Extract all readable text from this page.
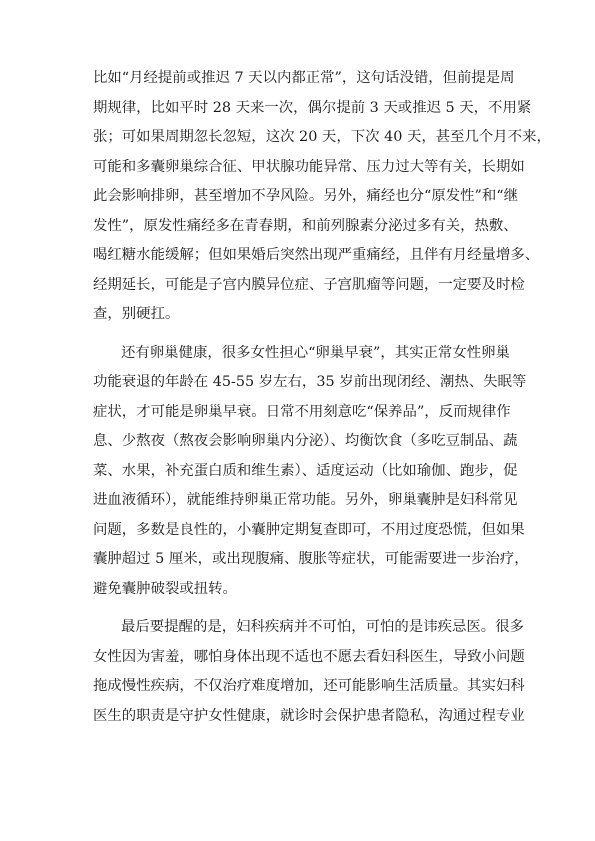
比如“月经提前或推迟 7 天以内都正常”，这句话没错，但前提是周
期规律，比如平时 28 天来一次，偶尔提前 3 天或推迟 5 天，不用紧
张；可如果周期忽长忽短，这次 20 天，下次 40 天，甚至几个月不来，
可能和多囊卵巢综合征、甲状腺功能异常、压力过大等有关，长期如
此会影响排卵，甚至增加不孕风险。另外，痛经也分“原发性”和“继
发性”，原发性痛经多在青春期，和前列腺素分泌过多有关，热敷、
喝红糖水能缓解；但如果婚后突然出现严重痛经，且伴有月经量增多、
经期延长，可能是子宫内膜异位症、子宫肌瘤等问题，一定要及时检
查，别硬扛。
还有卵巢健康，很多女性担心“卵巢早衰”，其实正常女性卵巢
功能衰退的年龄在 45-55 岁左右，35 岁前出现闭经、潮热、失眠等
症状，才可能是卵巢早衰。日常不用刻意吃“保养品”，反而规律作
息、少熬夜（熬夜会影响卵巢内分泌）、均衡饮食（多吃豆制品、蔬
菜、水果，补充蛋白质和维生素）、适度运动（比如瑜伽、跑步，促
进血液循环），就能维持卵巢正常功能。另外，卵巢囊肿是妇科常见
问题，多数是良性的，小囊肿定期复查即可，不用过度恐慌，但如果
囊肿超过 5 厘米，或出现腹痛、腹胀等症状，可能需要进一步治疗，
避免囊肿破裂或扭转。
最后要提醒的是，妇科疾病并不可怕，可怕的是讳疾忌医。很多
女性因为害羞，哪怕身体出现不适也不愿去看妇科医生，导致小问题
拖成慢性疾病，不仅治疗难度增加，还可能影响生活质量。其实妇科
医生的职责是守护女性健康，就诊时会保护患者隐私，沟通过程专业
